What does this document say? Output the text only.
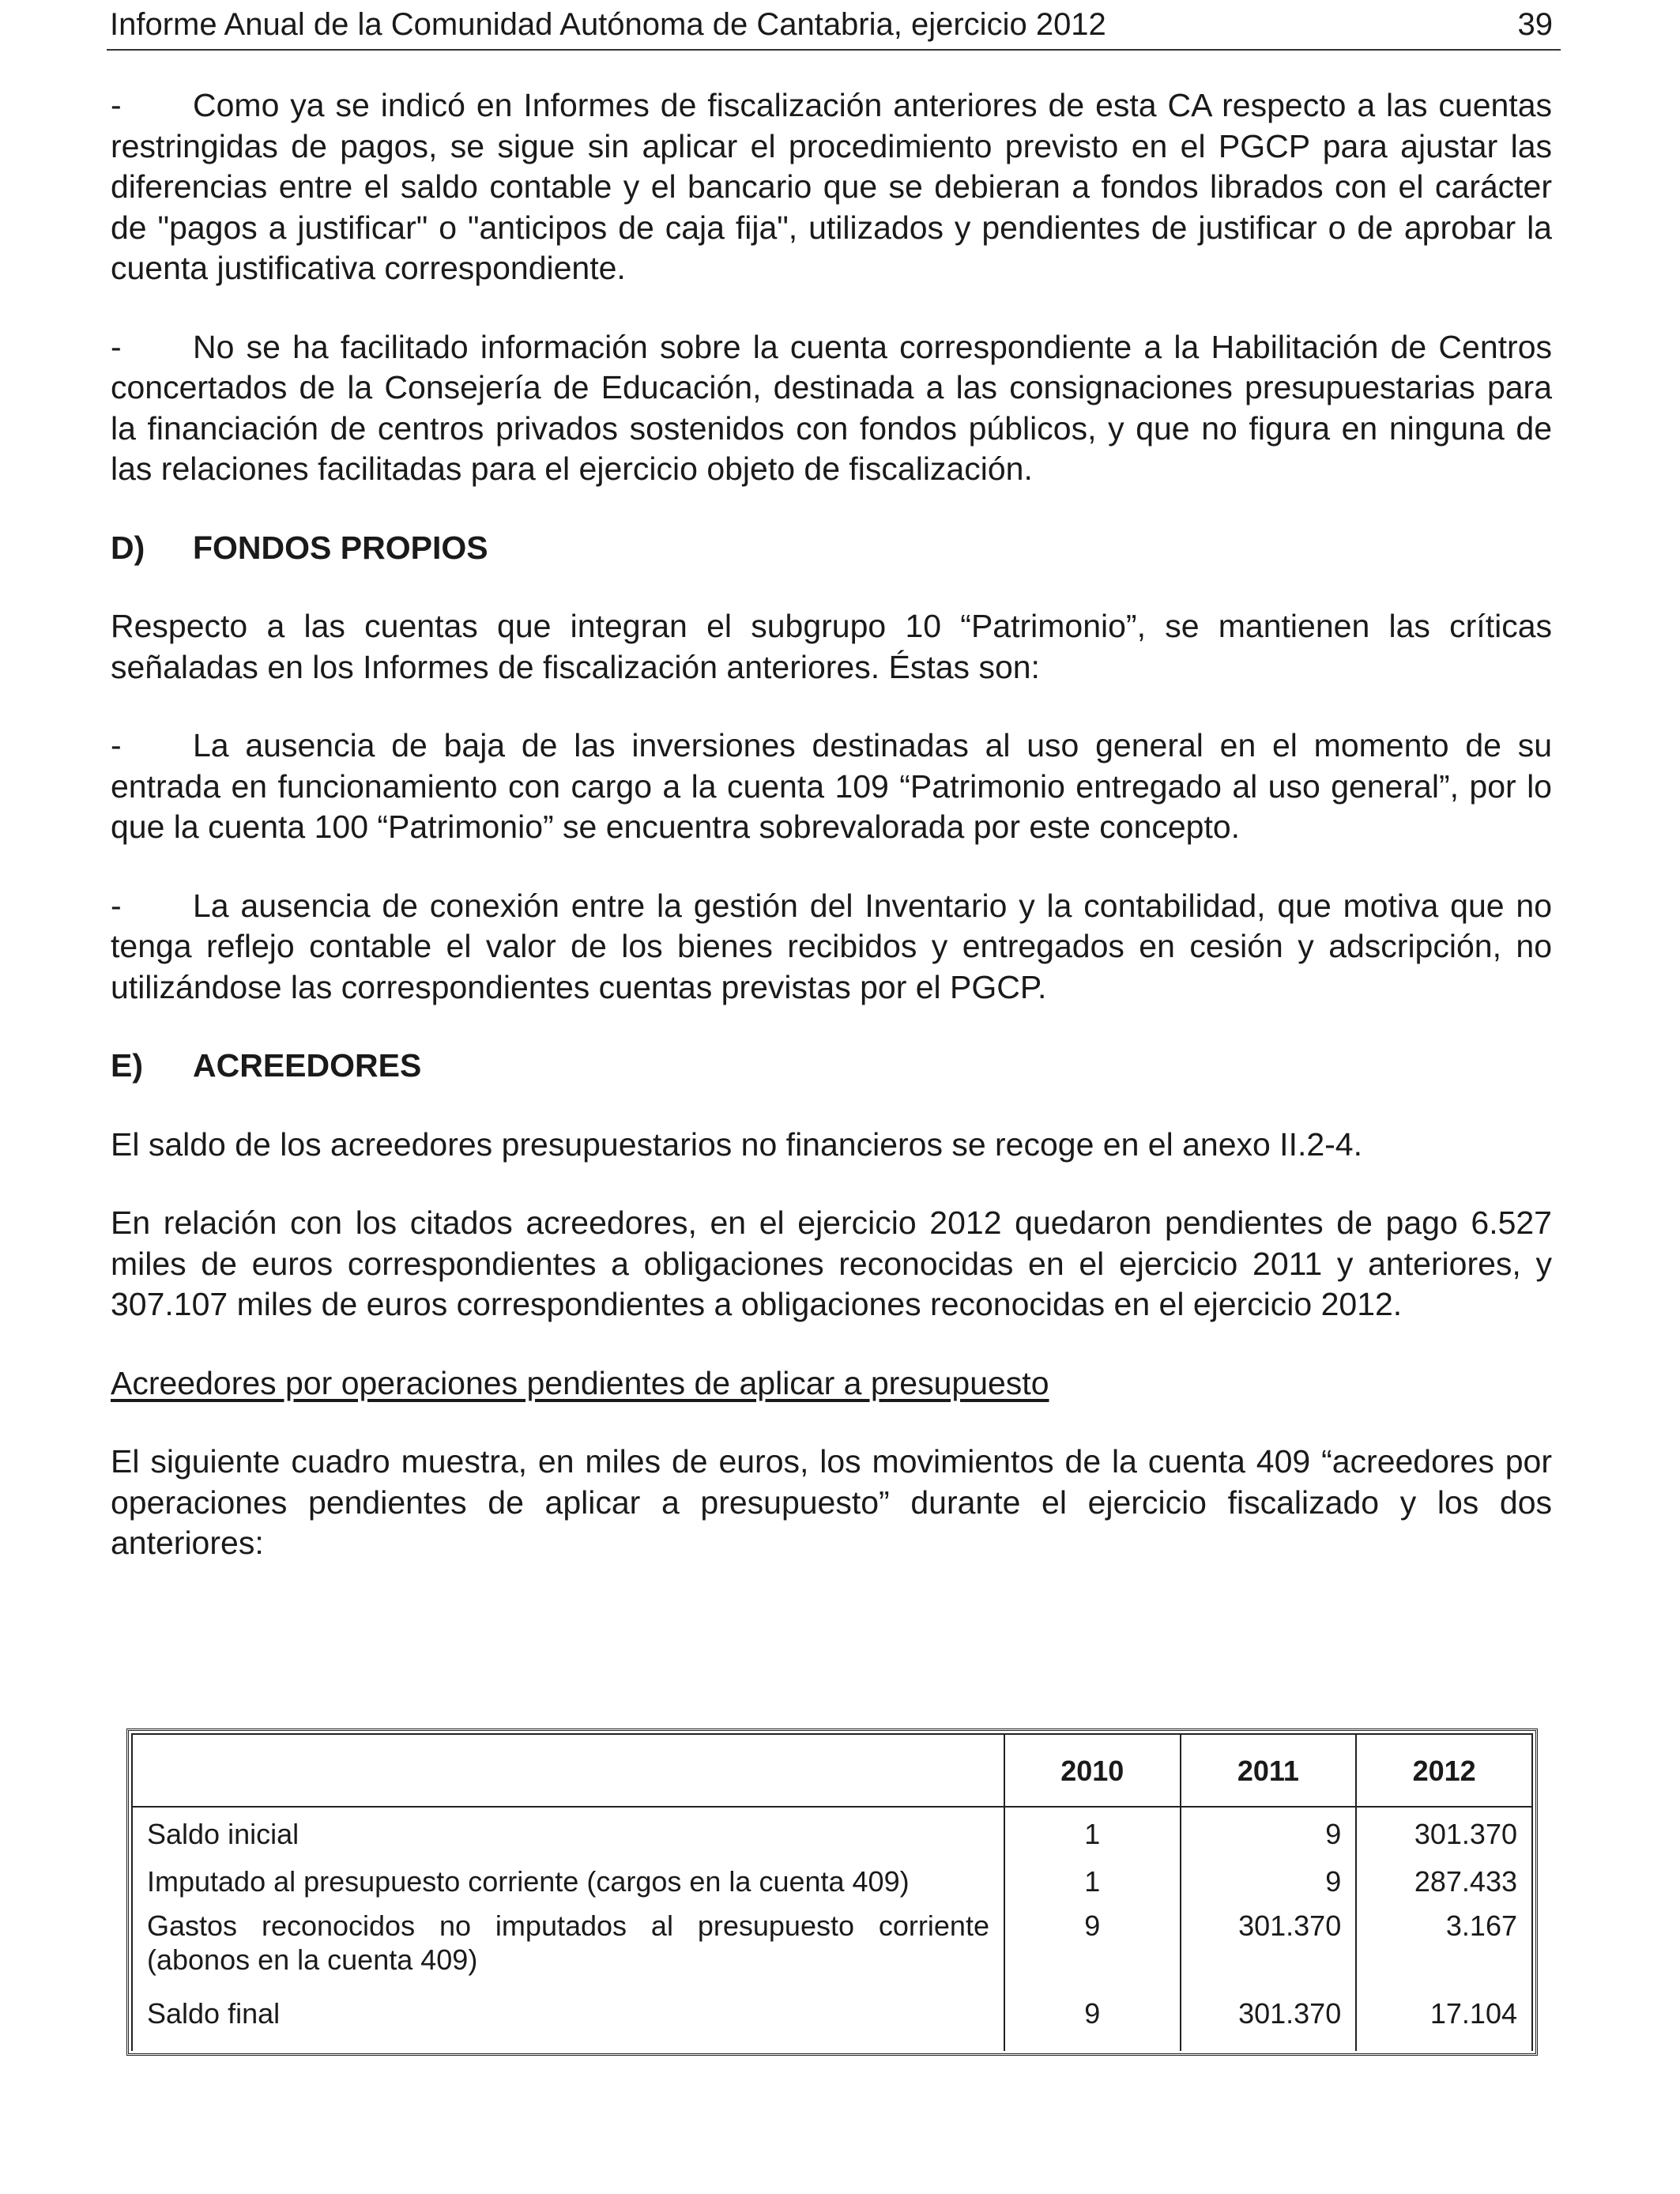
Informe Anual de la Comunidad Autónoma de Cantabria, ejercicio 2012	39

- Como ya se indicó en Informes de fiscalización anteriores de esta CA respecto a las cuentas restringidas de pagos, se sigue sin aplicar el procedimiento previsto en el PGCP para ajustar las diferencias entre el saldo contable y el bancario que se debieran a fondos librados con el carácter de "pagos a justificar" o "anticipos de caja fija", utilizados y pendientes de justificar o de aprobar la cuenta justificativa correspondiente.

- No se ha facilitado información sobre la cuenta correspondiente a la Habilitación de Centros concertados de la Consejería de Educación, destinada a las consignaciones presupuestarias para la financiación de centros privados sostenidos con fondos públicos, y que no figura en ninguna de las relaciones facilitadas para el ejercicio objeto de fiscalización.

D) FONDOS PROPIOS

Respecto a las cuentas que integran el subgrupo 10 “Patrimonio”, se mantienen las críticas señaladas en los Informes de fiscalización anteriores. Éstas son:

- La ausencia de baja de las inversiones destinadas al uso general en el momento de su entrada en funcionamiento con cargo a la cuenta 109 “Patrimonio entregado al uso general”, por lo que la cuenta 100 “Patrimonio” se encuentra sobrevalorada por este concepto.

- La ausencia de conexión entre la gestión del Inventario y la contabilidad, que motiva que no tenga reflejo contable el valor de los bienes recibidos y entregados en cesión y adscripción, no utilizándose las correspondientes cuentas previstas por el PGCP.

E) ACREEDORES

El saldo de los acreedores presupuestarios no financieros se recoge en el anexo II.2-4.

En relación con los citados acreedores, en el ejercicio 2012 quedaron pendientes de pago 6.527 miles de euros correspondientes a obligaciones reconocidas en el ejercicio 2011 y anteriores, y 307.107 miles de euros correspondientes a obligaciones reconocidas en el ejercicio 2012.

Acreedores por operaciones pendientes de aplicar a presupuesto

El siguiente cuadro muestra, en miles de euros, los movimientos de la cuenta 409 “acreedores por operaciones pendientes de aplicar a presupuesto” durante el ejercicio fiscalizado y los dos anteriores:

	2010	2011	2012
Saldo inicial	1	9	301.370
Imputado al presupuesto corriente (cargos en la cuenta 409)	1	9	287.433
Gastos reconocidos no imputados al presupuesto corriente (abonos en la cuenta 409)	9	301.370	3.167
Saldo final	9	301.370	17.104
